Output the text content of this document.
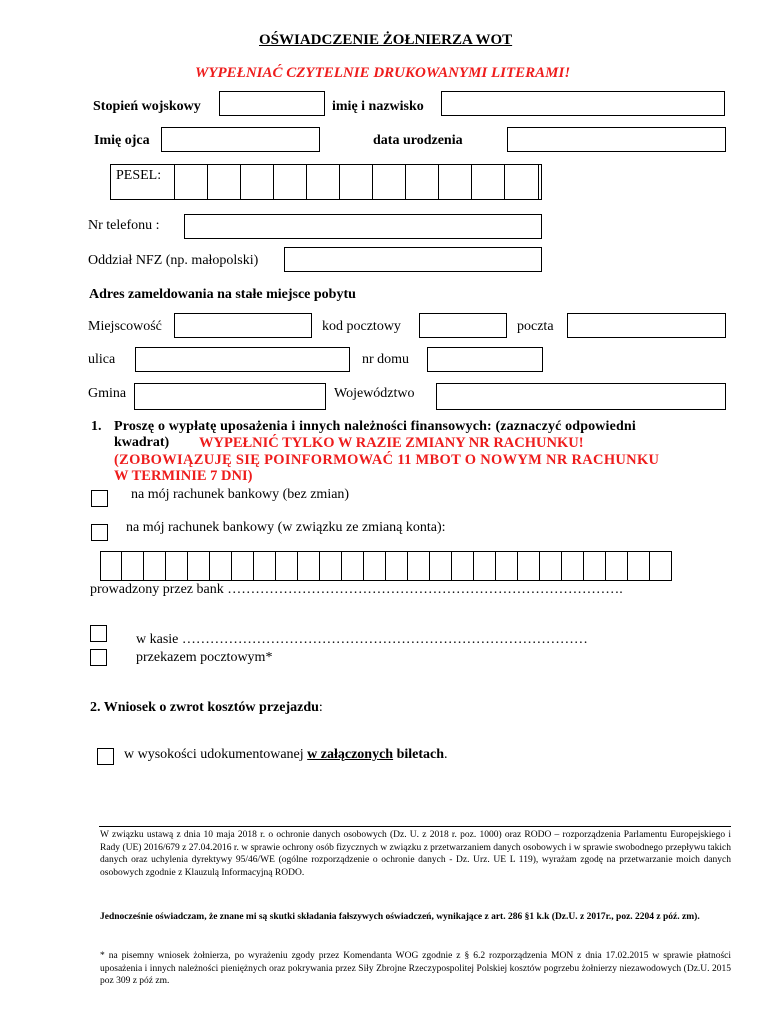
OŚWIADCZENIE ŻOŁNIERZA WOT
WYPEŁNIAĆ CZYTELNIE DRUKOWANYMI LITERAMI!
Stopień wojskowy	imię i nazwisko
Imię ojca	data urodzenia
PESEL:
Nr telefonu :
Oddział NFZ (np. małopolski)
Adres zameldowania na stałe miejsce pobytu
Miejscowość	kod pocztowy	poczta
ulica	nr domu
Gmina	Województwo
1. Proszę o wypłatę uposażenia i innych należności finansowych: (zaznaczyć odpowiedni
kwadrat) WYPEŁNIĆ TYLKO W RAZIE ZMIANY NR RACHUNKU!
(ZOBOWIĄZUJĘ SIĘ POINFORMOWAĆ 11 MBOT O NOWYM NR RACHUNKU
W TERMINIE 7 DNI)
na mój rachunek bankowy (bez zmian)
na mój rachunek bankowy (w związku ze zmianą konta):
prowadzony przez bank ………………………………………………………………………….
w kasie ……………………………………………………………………………
przekazem pocztowym*
2. Wniosek o zwrot kosztów przejazdu:
w wysokości udokumentowanej w załączonych biletach.
W związku ustawą z dnia 10 maja 2018 r. o ochronie danych osobowych (Dz. U. z 2018 r. poz. 1000) oraz RODO – rozporządzenia Parlamentu Europejskiego i Rady (UE) 2016/679 z 27.04.2016 r. w sprawie ochrony osób fizycznych w związku z przetwarzaniem danych osobowych i w sprawie swobodnego przepływu takich danych oraz uchylenia dyrektywy 95/46/WE (ogólne rozporządzenie o ochronie danych - Dz. Urz. UE L 119), wyrażam zgodę na przetwarzanie moich danych osobowych zgodnie z Klauzulą Informacyjną RODO.
Jednocześnie oświadczam, że znane mi są skutki składania fałszywych oświadczeń, wynikające z art. 286 §1 k.k (Dz.U. z 2017r., poz. 2204 z póź. zm).
* na pisemny wniosek żołnierza, po wyrażeniu zgody przez Komendanta WOG zgodnie z § 6.2 rozporządzenia MON z dnia 17.02.2015 w sprawie płatności uposażenia i innych należności pieniężnych oraz pokrywania przez Siły Zbrojne Rzeczypospolitej Polskiej kosztów pogrzebu żołnierzy niezawodowych (Dz.U. 2015 poz 309 z póź zm.
